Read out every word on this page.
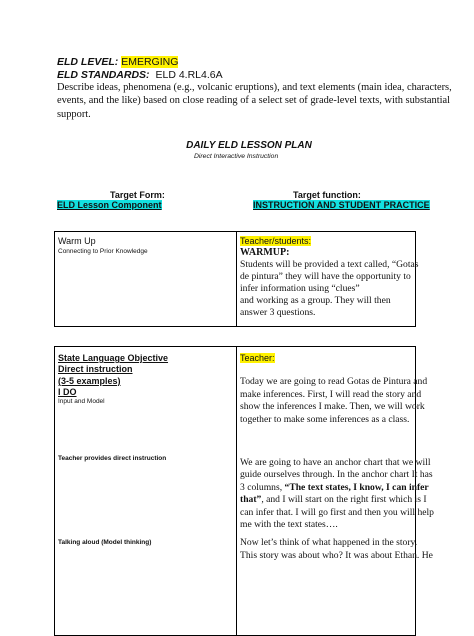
ELD LEVEL: EMERGING
ELD STANDARDS: ELD 4.RL4.6A

Describe ideas, phenomena (e.g., volcanic eruptions), and text elements (main idea, characters,

events, and the like) based on close reading of a select set of grade-level texts, with substantial

support.

DAILY ELD LESSON PLAN
Direct Interactive Instruction
Target Form:
ELD Lesson Component
Target function:
INSTRUCTION AND STUDENT PRACTICE
Warm Up
Connecting to Prior Knowledge
Teacher/students:
WARMUP:

Students will be provided a text called, “Gotas

de pintura” they will have the opportunity to

infer information using “clues”

and working as a group. They will then

answer 3 questions.

State Language Objective
Direct instruction
(3-5 examples)
I DO
Input and Model
Teacher provides direct instruction
Talking aloud (Model thinking)
Teacher:

Today we are going to read Gotas de Pintura and

make inferences. First, I will read the story and

show the inferences I make. Then, we will work

together to make some inferences as a class.

We are going to have an anchor chart that we will

guide ourselves through. In the anchor chart It has

3 columns, “The text states, I know, I can infer

that”, and I will start on the right first which is I

can infer that. I will go first and then you will help

me with the text states….

Now let’s think of what happened in the story.

This story was about who? It was about Ethan. He
